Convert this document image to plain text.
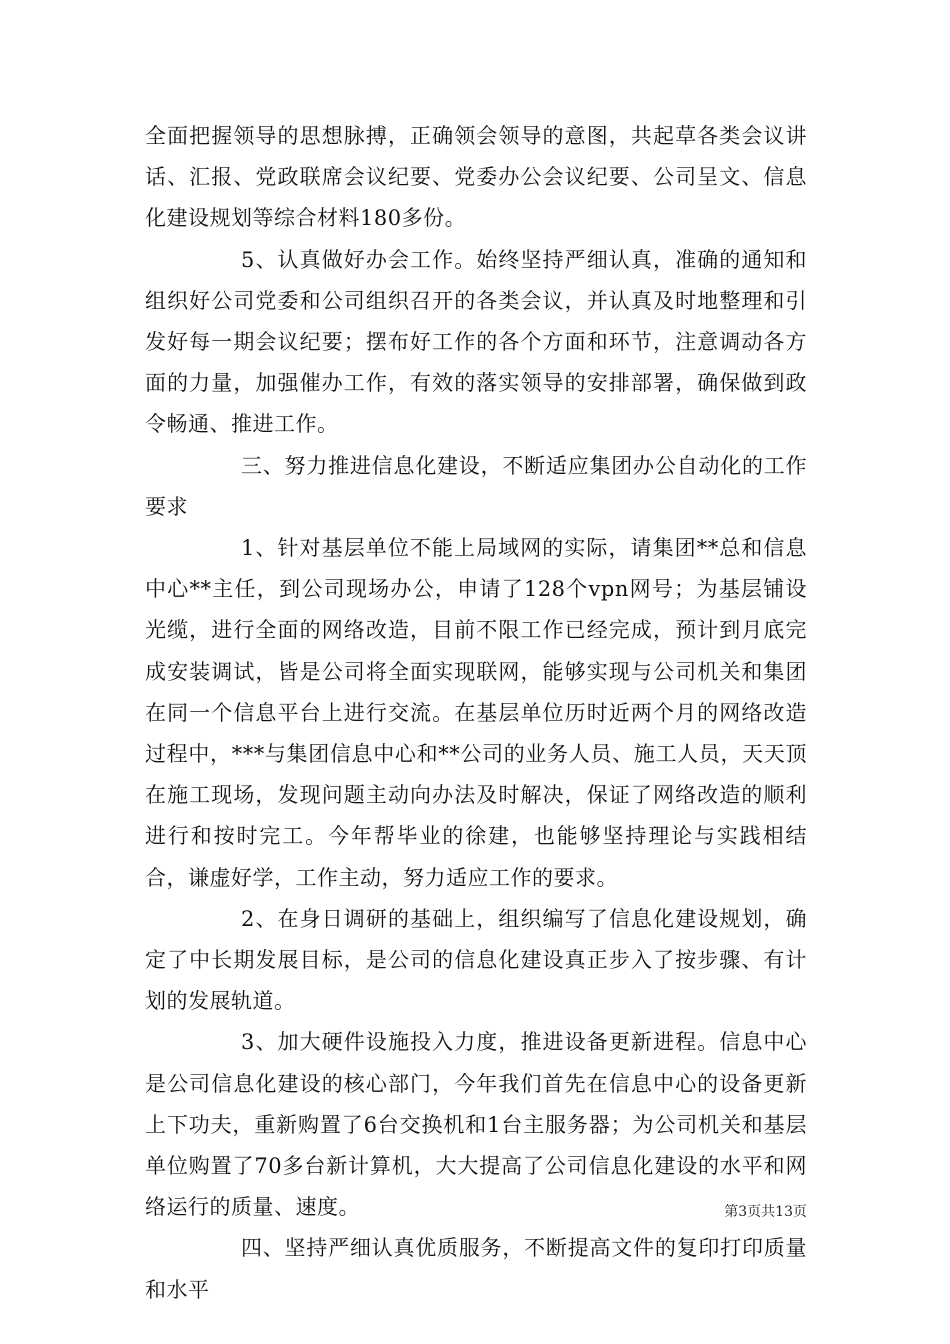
全面把握领导的思想脉搏，正确领会领导的意图，共起草各类会议讲话、汇报、党政联席会议纪要、党委办公会议纪要、公司呈文、信息化建设规划等综合材料180多份。

5、认真做好办会工作。始终坚持严细认真，准确的通知和组织好公司党委和公司组织召开的各类会议，并认真及时地整理和引发好每一期会议纪要；摆布好工作的各个方面和环节，注意调动各方面的力量，加强催办工作，有效的落实领导的安排部署，确保做到政令畅通、推进工作。

三、努力推进信息化建设，不断适应集团办公自动化的工作要求

1、针对基层单位不能上局域网的实际，请集团**总和信息中心**主任，到公司现场办公，申请了128个vpn网号；为基层铺设光缆，进行全面的网络改造，目前不限工作已经完成，预计到月底完成安装调试，皆是公司将全面实现联网，能够实现与公司机关和集团在同一个信息平台上进行交流。在基层单位历时近两个月的网络改造过程中，***与集团信息中心和**公司的业务人员、施工人员，天天顶在施工现场，发现问题主动向办法及时解决，保证了网络改造的顺利进行和按时完工。今年帮毕业的徐建，也能够坚持理论与实践相结合，谦虚好学，工作主动，努力适应工作的要求。

2、在身日调研的基础上，组织编写了信息化建设规划，确定了中长期发展目标，是公司的信息化建设真正步入了按步骤、有计划的发展轨道。

3、加大硬件设施投入力度，推进设备更新进程。信息中心是公司信息化建设的核心部门，今年我们首先在信息中心的设备更新上下功夫，重新购置了6台交换机和1台主服务器；为公司机关和基层单位购置了70多台新计算机，大大提高了公司信息化建设的水平和网络运行的质量、速度。

四、坚持严细认真优质服务，不断提高文件的复印打印质量和水平

第3页共13页
